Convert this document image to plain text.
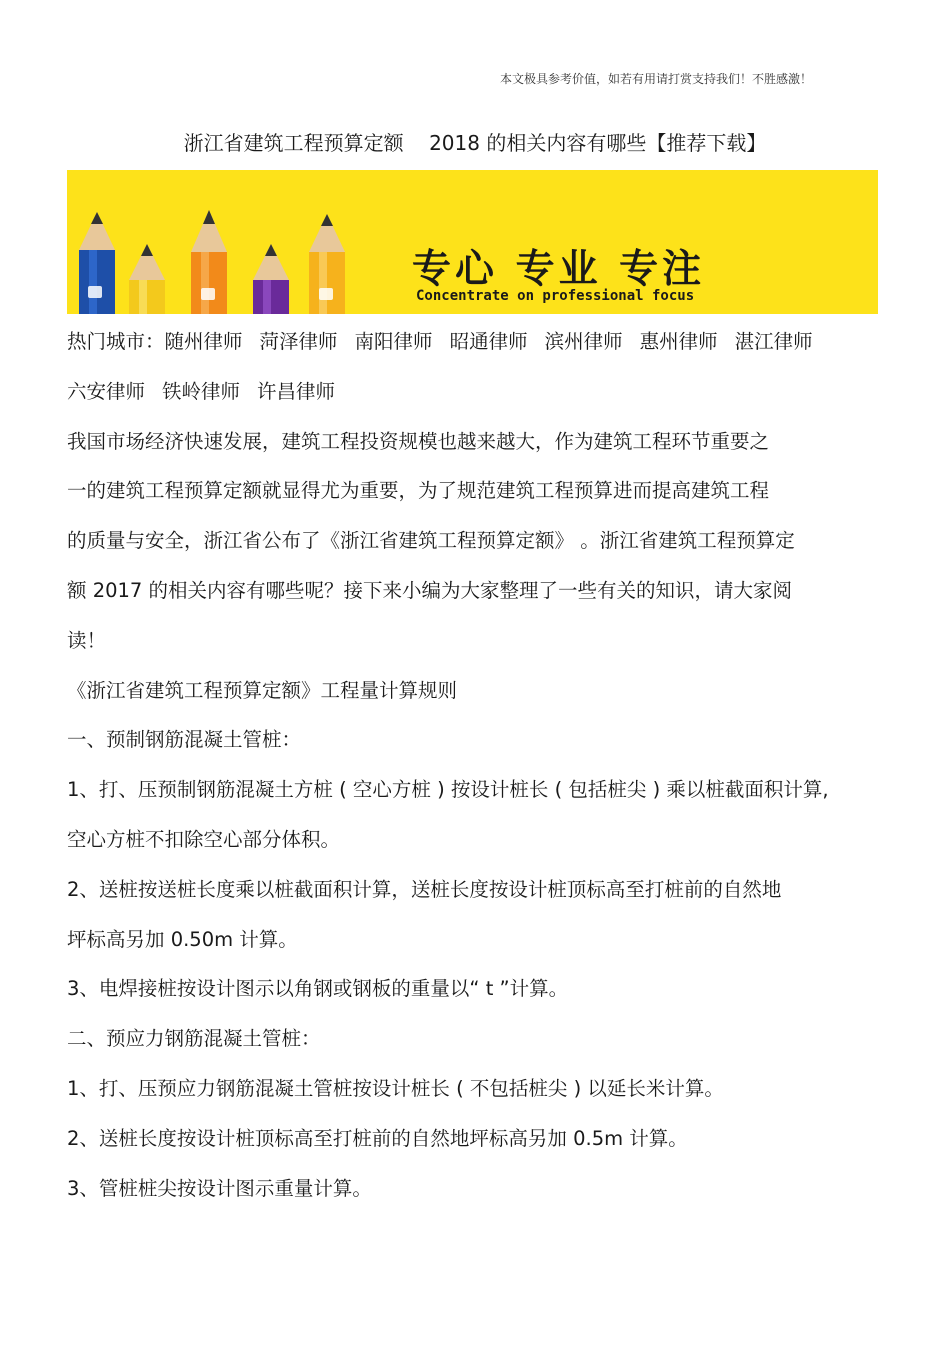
本文极具参考价值，如若有用请打赏支持我们！不胜感激！
浙江省建筑工程预算定额    2018 的相关内容有哪些【推荐下载】
专心 专业 专注
Concentrate on professional focus
热门城市： 随州律师 菏泽律师 南阳律师 昭通律师 滨州律师 惠州律师 湛江律师
六安律师 铁岭律师 许昌律师
我国市场经济快速发展，建筑工程投资规模也越来越大，作为建筑工程环节重要之
一的建筑工程预算定额就显得尤为重要，为了规范建筑工程预算进而提高建筑工程
的质量与安全，浙江省公布了《浙江省建筑工程预算定额》 。浙江省建筑工程预算定
额 2017 的相关内容有哪些呢？接下来小编为大家整理了一些有关的知识，请大家阅
读！
《浙江省建筑工程预算定额》工程量计算规则
一、预制钢筋混凝土管桩：
1、打、压预制钢筋混凝土方桩 ( 空心方桩 ) 按设计桩长 ( 包括桩尖 ) 乘以桩截面积计算,
空心方桩不扣除空心部分体积。
2、送桩按送桩长度乘以桩截面积计算，送桩长度按设计桩顶标高至打桩前的自然地
坪标高另加 0.50m 计算。
3、电焊接桩按设计图示以角钢或钢板的重量以“ t ”计算。
二、预应力钢筋混凝土管桩：
1、打、压预应力钢筋混凝土管桩按设计桩长 ( 不包括桩尖 ) 以延长米计算。
2、送桩长度按设计桩顶标高至打桩前的自然地坪标高另加 0.5m 计算。
3、管桩桩尖按设计图示重量计算。
